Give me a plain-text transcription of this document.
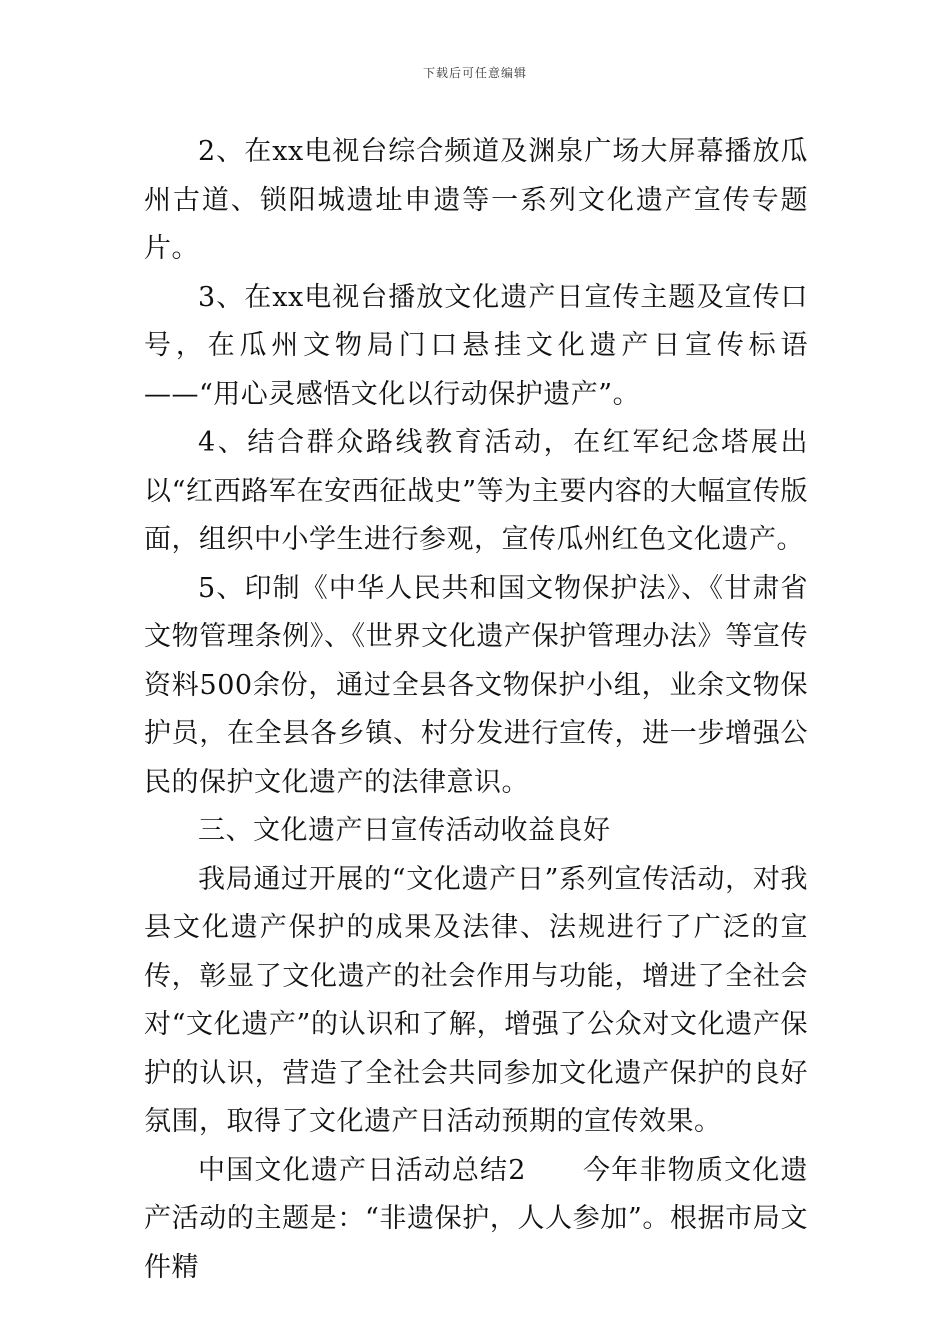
下载后可任意编辑

2、在xx电视台综合频道及渊泉广场大屏幕播放瓜州古道、锁阳城遗址申遗等一系列文化遗产宣传专题片。

3、在xx电视台播放文化遗产日宣传主题及宣传口号，在瓜州文物局门口悬挂文化遗产日宣传标语——“用心灵感悟文化以行动保护遗产”。

4、结合群众路线教育活动，在红军纪念塔展出以“红西路军在安西征战史”等为主要内容的大幅宣传版面，组织中小学生进行参观，宣传瓜州红色文化遗产。

5、印制《中华人民共和国文物保护法》、《甘肃省文物管理条例》、《世界文化遗产保护管理办法》等宣传资料500余份，通过全县各文物保护小组，业余文物保护员，在全县各乡镇、村分发进行宣传，进一步增强公民的保护文化遗产的法律意识。

三、文化遗产日宣传活动收益良好

我局通过开展的“文化遗产日”系列宣传活动，对我县文化遗产保护的成果及法律、法规进行了广泛的宣传，彰显了文化遗产的社会作用与功能，增进了全社会对“文化遗产”的认识和了解，增强了公众对文化遗产保护的认识，营造了全社会共同参加文化遗产保护的良好氛围，取得了文化遗产日活动预期的宣传效果。

中国文化遗产日活动总结2　　今年非物质文化遗产活动的主题是：“非遗保护，人人参加”。根据市局文件精
